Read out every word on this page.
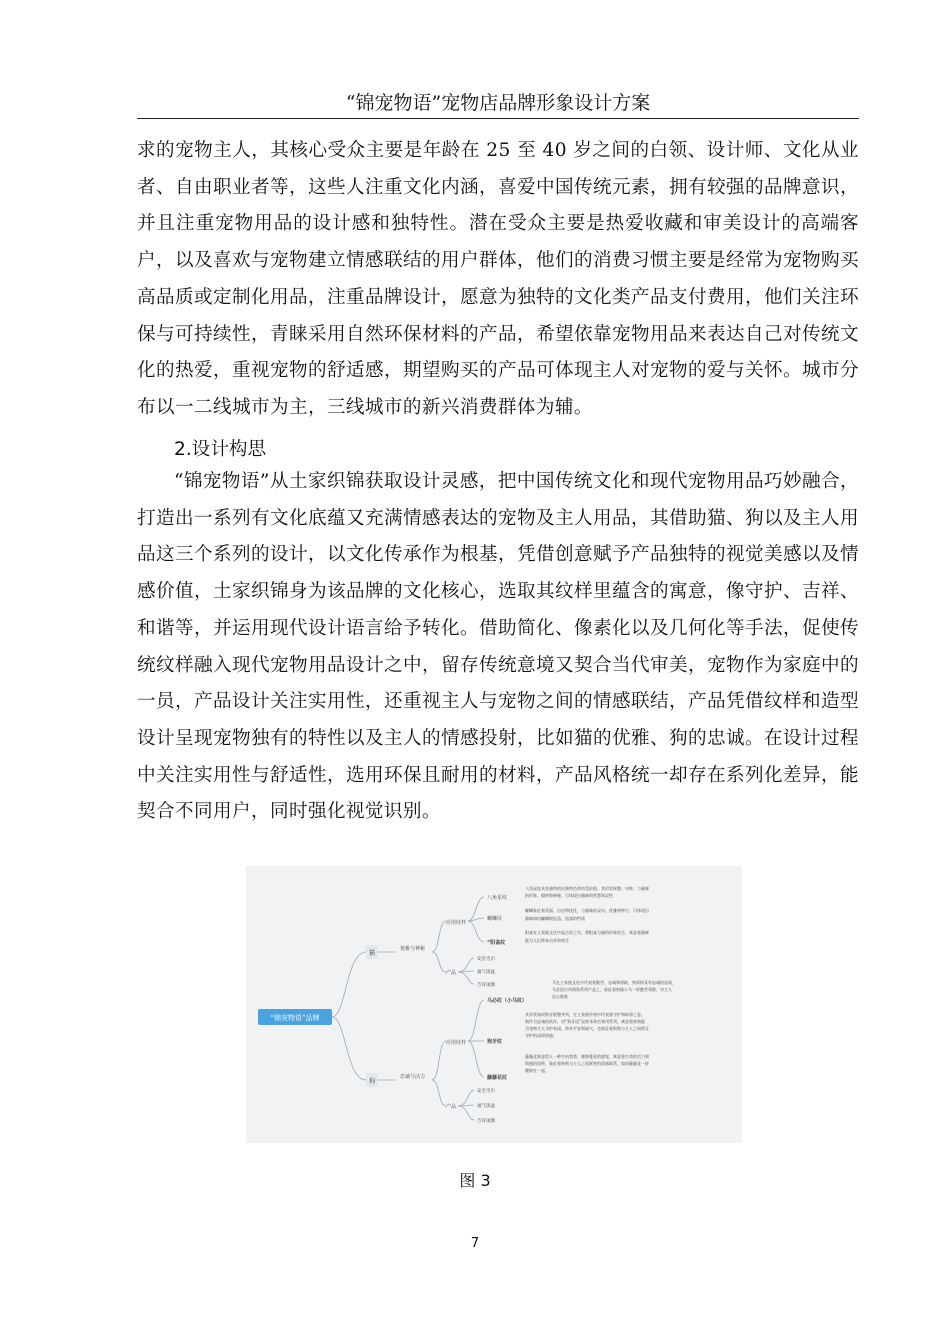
“锦宠物语”宠物店品牌形象设计方案

求的宠物主人，其核心受众主要是年龄在 25 至 40 岁之间的白领、设计师、文化从业者、自由职业者等，这些人注重文化内涵，喜爱中国传统元素，拥有较强的品牌意识，并且注重宠物用品的设计感和独特性。潜在受众主要是热爱收藏和审美设计的高端客户，以及喜欢与宠物建立情感联结的用户群体，他们的消费习惯主要是经常为宠物购买高品质或定制化用品，注重品牌设计，愿意为独特的文化类产品支付费用，他们关注环保与可持续性，青睐采用自然环保材料的产品，希望依靠宠物用品来表达自己对传统文化的热爱，重视宠物的舒适感，期望购买的产品可体现主人对宠物的爱与关怀。城市分布以一二线城市为主，三线城市的新兴消费群体为辅。

2.设计构思

“锦宠物语”从土家织锦获取设计灵感，把中国传统文化和现代宠物用品巧妙融合，打造出一系列有文化底蕴又充满情感表达的宠物及主人用品，其借助猫、狗以及主人用品这三个系列的设计，以文化传承作为根基，凭借创意赋予产品独特的视觉美感以及情感价值，土家织锦身为该品牌的文化核心，选取其纹样里蕴含的寓意，像守护、吉祥、和谐等，并运用现代设计语言给予转化。借助简化、像素化以及几何化等手法，促使传统纹样融入现代宠物用品设计之中，留存传统意境又契合当代审美，宠物作为家庭中的一员，产品设计关注实用性，还重视主人与宠物之间的情感联结，产品凭借纹样和造型设计呈现宠物独有的特性以及主人的情感投射，比如猫的优雅、狗的忠诚。在设计过程中关注实用性与舒适性，选用环保且耐用的材料，产品风格统一却存在系列化差异，能契合不同用户，同时强化视觉识别。

“锦宠物语”品牌
猫
优雅与神秘
应用纹样
产品
八角星纹
八角星纹具有独特的民族特色和审美价值。其形状规整、对称、与猫咪
的形象、眼明和神秘，可体现出猫咪的智慧和灵性
螺蛳纹
螺蛳象征着美丽、自由和优化，与猫咪的灵动、优雅相呼应，可体现出
猫咪如何螺蛳般轻盈、流淌的特质
“阳雀纹
阳雀在土家族文化中是吉祥之鸟，将阳雀与猫的形象结合，寓意着猫咪
能为人们带来吉祥和欢乐
安室毛巾
福气饭盆
吉祥项圈
狗
忠诚与活力
应用纹样
产品
马必纹（小马纹）
马在土家族文化中代表着勤劳、忠诚和勇敢，狗同样具有忠诚的品质，
马必纹应用到狗系列产品上，象征着狗像小马一样勤劳勇敢、对主人
忠心耿耿
狗牙纹
其形状如同狗牙般整齐列，在土家族传统中代表着守护和辟邪之意。
狗作为忠诚的伙伴，用“狗牙纹”纹样来命名狗用系列，寓意着狗狗能
为宠物主人守护家园，带来平安和福气，也象征着狗狗与主人之间相互
守护的深厚情感。
藤藤花纹
藤藤花寓意给人一种生机勃勃、缠绵蔓延的感觉，寓意着生命的活力和
情感的纽带，象征着狗狗与主人之间紧密的情感联系，如同藤藤花一样
缠绵在一起。
安室毛巾
福气饭盆
吉祥项圈
图 3
7
